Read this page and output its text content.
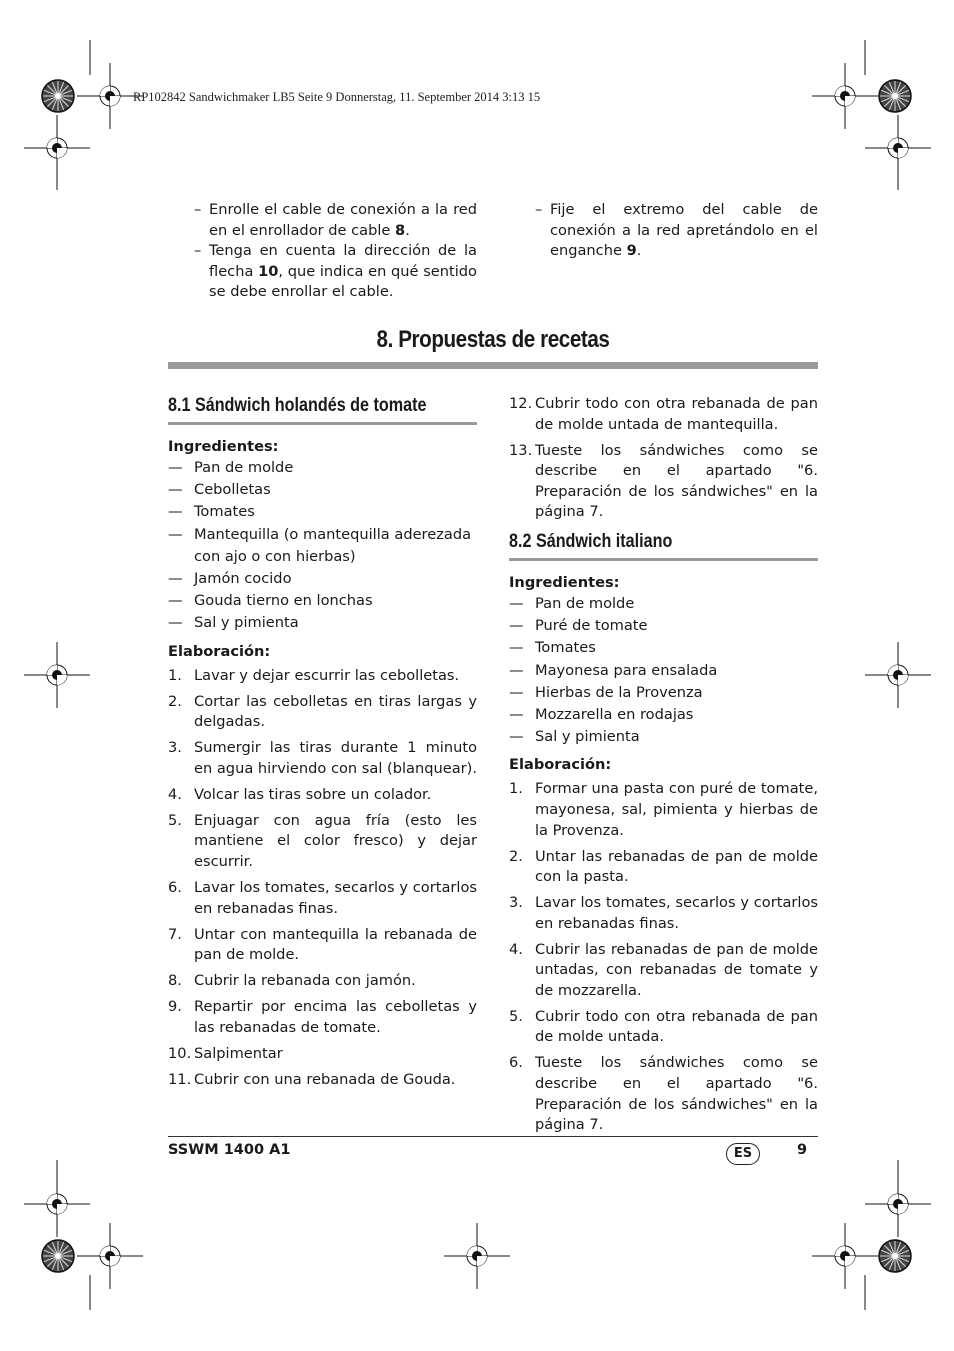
RP102842 Sandwichmaker LB5 Seite 9 Donnerstag, 11. September 2014 3:13 15
– Enrolle el cable de conexión a la red en el enrollador de cable 8.
– Tenga en cuenta la dirección de la flecha 10, que indica en qué sentido se debe enrollar el cable.
– Fije el extremo del cable de conexión a la red apretándolo en el enganche 9.
8. Propuestas de recetas
8.1 Sándwich holandés de tomate
Ingredientes:
— Pan de molde
— Cebolletas
— Tomates
— Mantequilla (o mantequilla aderezada con ajo o con hierbas)
— Jamón cocido
— Gouda tierno en lonchas
— Sal y pimienta
Elaboración:
1. Lavar y dejar escurrir las cebolletas.
2. Cortar las cebolletas en tiras largas y delgadas.
3. Sumergir las tiras durante 1 minuto en agua hirviendo con sal (blanquear).
4. Volcar las tiras sobre un colador.
5. Enjuagar con agua fría (esto les mantiene el color fresco) y dejar escurrir.
6. Lavar los tomates, secarlos y cortarlos en rebanadas finas.
7. Untar con mantequilla la rebanada de pan de molde.
8. Cubrir la rebanada con jamón.
9. Repartir por encima las cebolletas y las rebanadas de tomate.
10. Salpimentar
11. Cubrir con una rebanada de Gouda.
12. Cubrir todo con otra rebanada de pan de molde untada de mantequilla.
13. Tueste los sándwiches como se describe en el apartado "6. Preparación de los sándwiches" en la página 7.
8.2 Sándwich italiano
Ingredientes:
— Pan de molde
— Puré de tomate
— Tomates
— Mayonesa para ensalada
— Hierbas de la Provenza
— Mozzarella en rodajas
— Sal y pimienta
Elaboración:
1. Formar una pasta con puré de tomate, mayonesa, sal, pimienta y hierbas de la Provenza.
2. Untar las rebanadas de pan de molde con la pasta.
3. Lavar los tomates, secarlos y cortarlos en rebanadas finas.
4. Cubrir las rebanadas de pan de molde untadas, con rebanadas de tomate y de mozzarella.
5. Cubrir todo con otra rebanada de pan de molde untada.
6. Tueste los sándwiches como se describe en el apartado "6. Preparación de los sándwiches" en la página 7.
SSWM 1400 A1	ES	9
